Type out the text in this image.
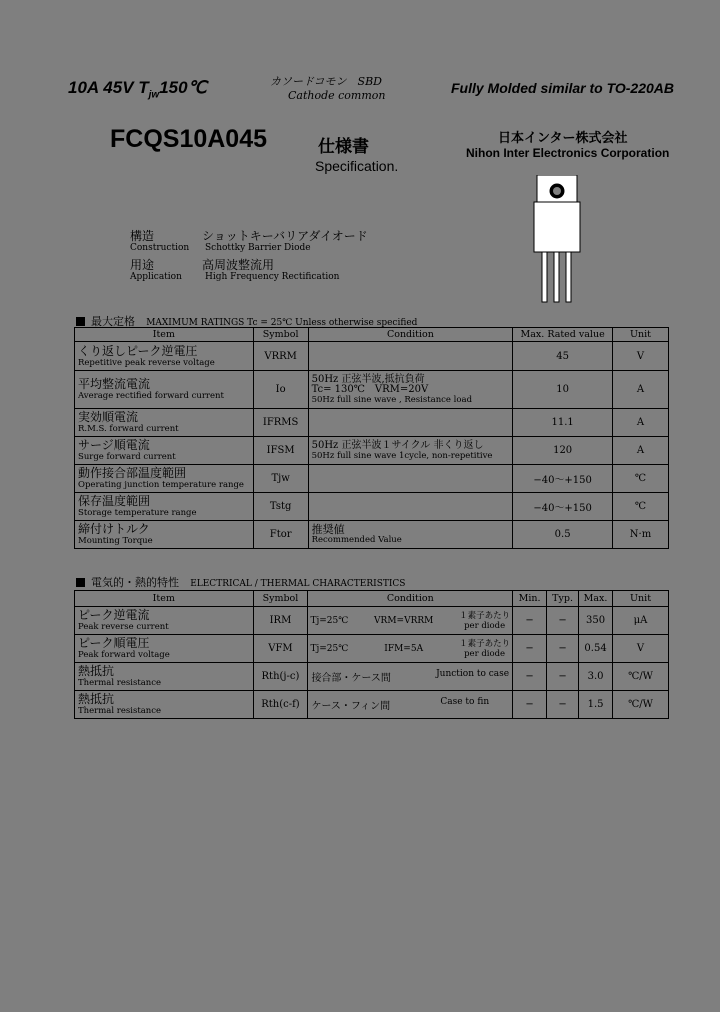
10A 45V $T_{jw}150℃$	カソードコモン　SBD
Cathode common	Fully Molded similar to TO-220AB
FCQS10A045	仕様書
Specification.
日本インター株式会社
Nihon Inter Electronics Corporation
構造
Construction
ショットキーバリアダイオード
Schottky Barrier Diode
用途
Application
高周波整流用
High Frequency Rectification
最大定格 MAXIMUM RATINGS Tc = 25℃ Unless otherwise specified
Item	Symbol	Condition	Max. Rated value	Unit

くり返しピーク逆電圧
Repetitive peak reverse voltage	VRRM		45	V

平均整流電流
Average rectified forward current	Io	50Hz 正弦半波,抵抗負荷
Tc= 130℃　VRM=20V
50Hz full sine wave , Resistance load	10	A

実効順電流
R.M.S. forward current	IFRMS		11.1	A

サージ順電流
Surge forward current	IFSM	50Hz 正弦半波１サイクル 非くり返し
50Hz full sine wave 1cycle, non-repetitive	120	A

動作接合部温度範囲
Operating junction temperature range	Tjw		−40〜+150	℃

保存温度範囲
Storage temperature range	Tstg		−40〜+150	℃

締付けトルク
Mounting Torque	Ftor	推奨値
Recommended Value	0.5	N·m
電気的・熱的特性 ELECTRICAL / THERMAL CHARACTERISTICS
Item	Symbol	Condition	Min.	Typ.	Max.	Unit

ピーク逆電流
Peak reverse current	IRM	Tj=25℃ VRM=VRRM １素子あたり
per diode	−	−	350	μA

ピーク順電圧
Peak forward voltage	VFM	Tj=25℃ IFM=5A １素子あたり
per diode	−	−	0.54	V

熱抵抗
Thermal resistance	Rth(j-c)	接合部・ケース間 Junction to case	−	−	3.0	℃/W

熱抵抗
Thermal resistance	Rth(c-f)	ケース・フィン間 Case to fin	−	−	1.5	℃/W
